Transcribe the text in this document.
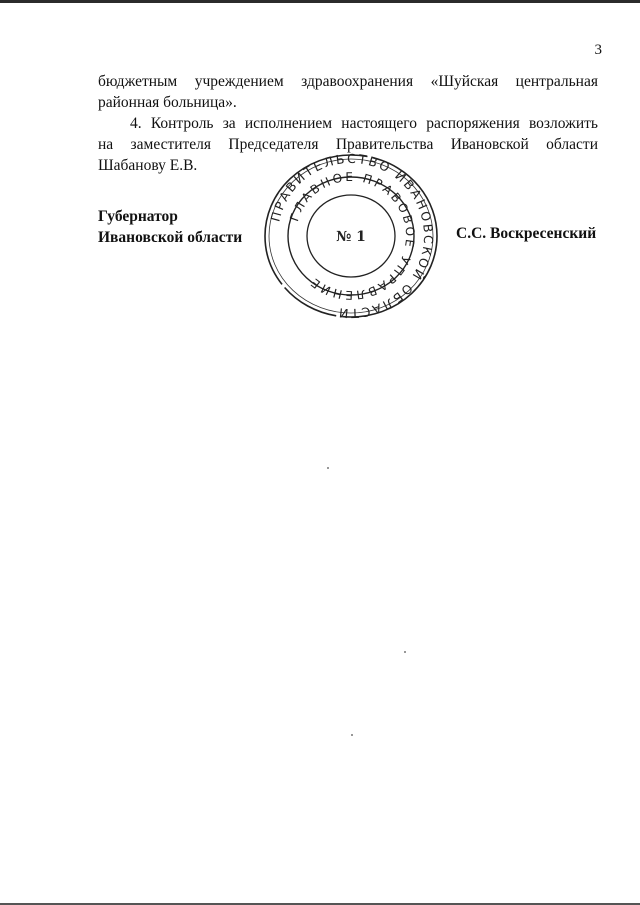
3

бюджетным учреждением здравоохранения «Шуйская центральная

районная больница».

4. Контроль за исполнением настоящего распоряжения возложить

на заместителя Председателя Правительства Ивановской области

Шабанову Е.В.

Губернатор
Ивановской области	С.С. Воскресенский
ПРАВИТЕЛЬСТВО ИВАНОВСКОЙ ОБЛАСТИ
ГЛАВНОЕ ПРАВОВОЕ УПРАВЛЕНИЕ
№ 1
